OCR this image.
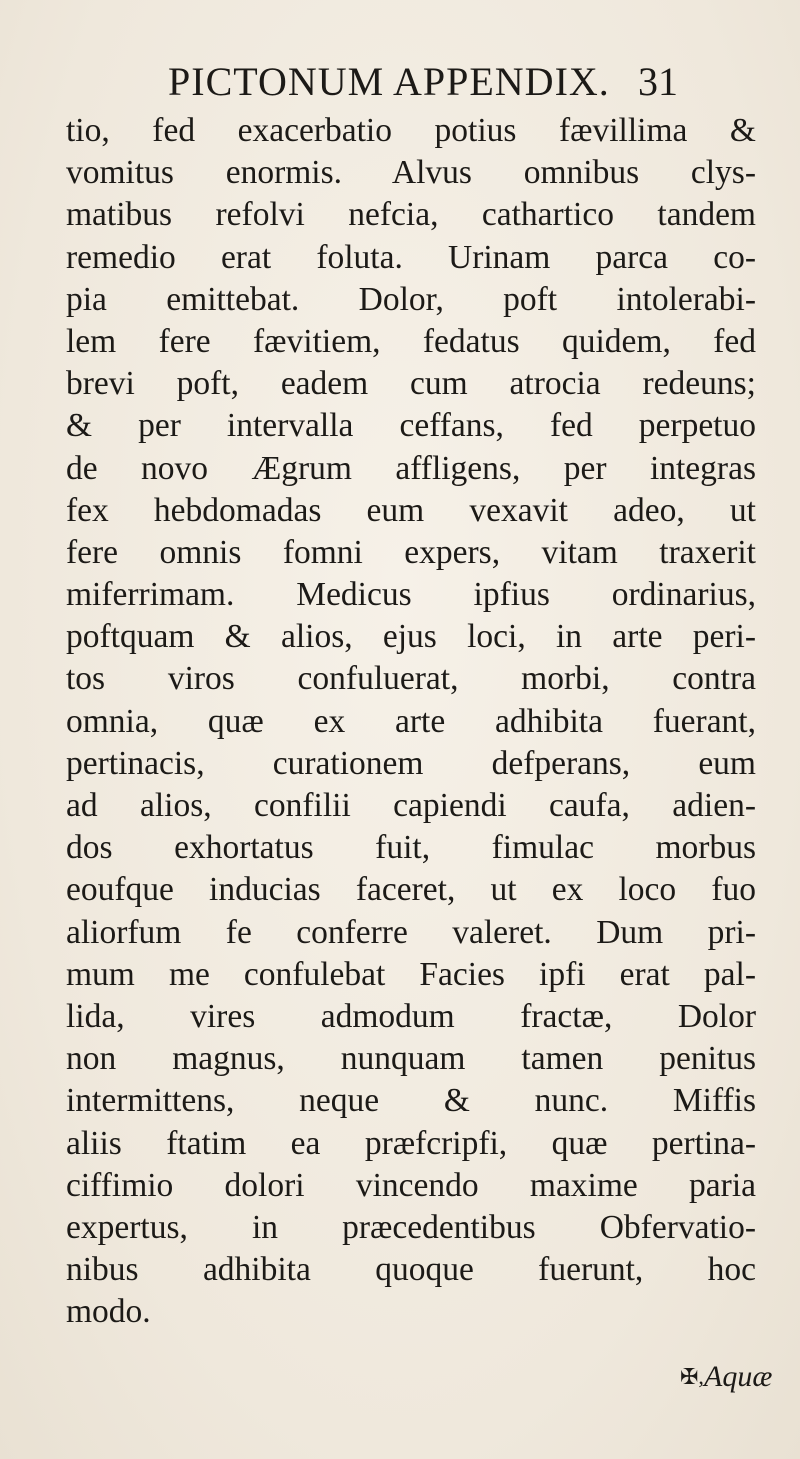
PICTONUM APPENDIX. 31
tio, fed exacerbatio potius fævillima &
vomitus enormis. Alvus omnibus clys-
matibus refolvi nefcia, cathartico tandem
remedio erat foluta. Urinam parca co-
pia emittebat. Dolor, poft intolerabi-
lem fere fævitiem, fedatus quidem, fed
brevi poft, eadem cum atrocia redeuns;
& per intervalla ceffans, fed perpetuo
de novo Ægrum affligens, per integras
fex hebdomadas eum vexavit adeo, ut
fere omnis fomni expers, vitam traxerit
miferrimam. Medicus ipfius ordinarius,
poftquam & alios, ejus loci, in arte peri-
tos viros confuluerat, morbi, contra
omnia, quæ ex arte adhibita fuerant,
pertinacis, curationem defperans, eum
ad alios, confilii capiendi caufa, adien-
dos exhortatus fuit, fimulac morbus
eoufque inducias faceret, ut ex loco fuo
aliorfum fe conferre valeret. Dum pri-
mum me confulebat Facies ipfi erat pal-
lida, vires admodum fractæ, Dolor
non magnus, nunquam tamen penitus
intermittens, neque & nunc. Miffis
aliis ftatim ea præfcripfi, quæ pertina-
ciffimio dolori vincendo maxime paria
expertus, in præcedentibus Obfervatio-
nibus adhibita quoque fuerunt, hoc
modo.
✠, Aquæ
